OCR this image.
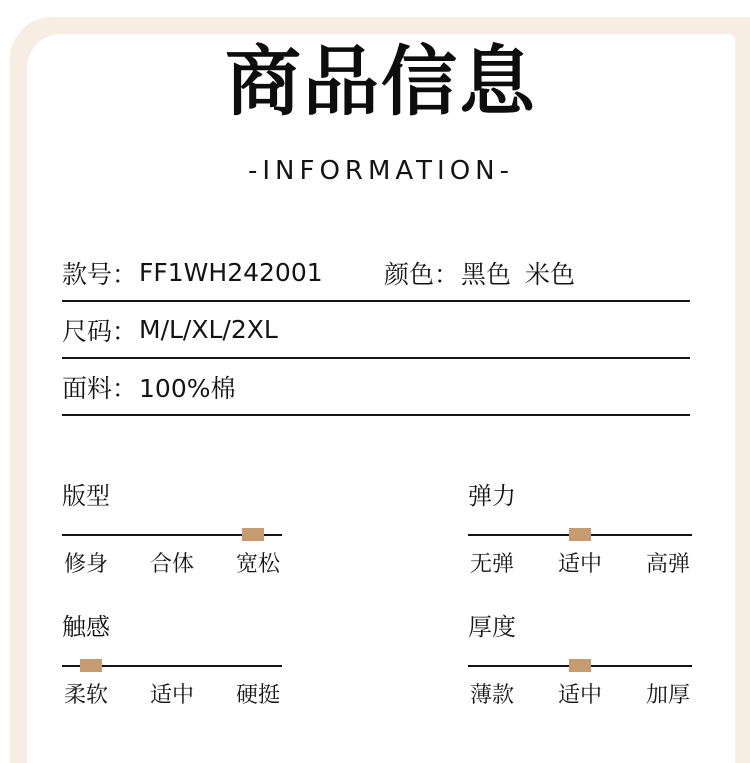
商品信息
-INFORMATION-
款号： FF1WH242001 颜色： 黑色 米色
尺码： M/L/XL/2XL
面料： 100%棉
版型
修身 合体 宽松
弹力
无弹 适中 高弹
触感
柔软 适中 硬挺
厚度
薄款 适中 加厚
